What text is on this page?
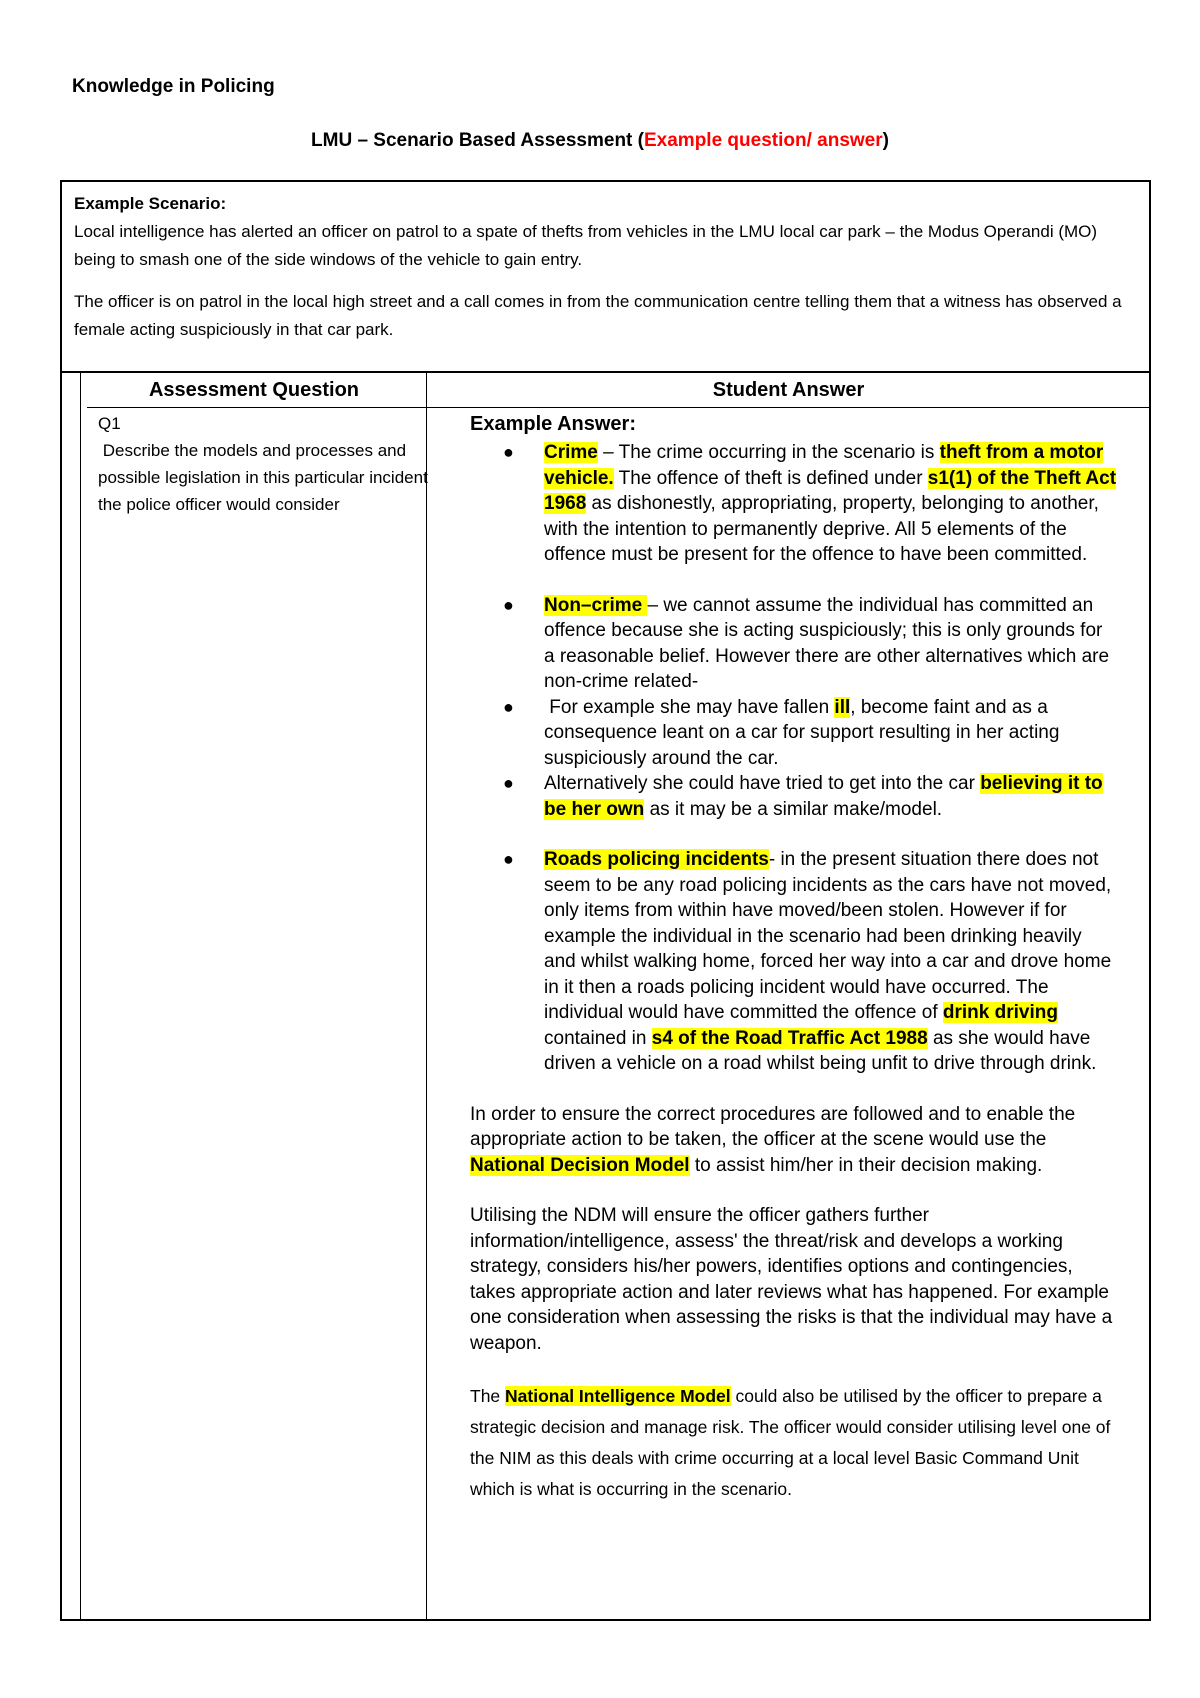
Knowledge in Policing
LMU – Scenario Based Assessment (Example question/ answer)

Example Scenario:

Local intelligence has alerted an officer on patrol to a spate of thefts from vehicles in the LMU local car park – the Modus Operandi (MO) being to smash one of the side windows of the vehicle to gain entry.

The officer is on patrol in the local high street and a call comes in from the communication centre telling them that a witness has observed a female acting suspiciously in that car park.

Assessment Question	Student Answer

Q1

Describe the models and processes and possible legislation in this particular incident the police officer would consider

Example Answer:

● Crime – The crime occurring in the scenario is theft from a motor vehicle. The offence of theft is defined under s1(1) of the Theft Act 1968 as dishonestly, appropriating, property, belonging to another, with the intention to permanently deprive. All 5 elements of the offence must be present for the offence to have been committed.
● Non–crime – we cannot assume the individual has committed an offence because she is acting suspiciously; this is only grounds for a reasonable belief. However there are other alternatives which are non-crime related-
● For example she may have fallen ill, become faint and as a consequence leant on a car for support resulting in her acting suspiciously around the car.
● Alternatively she could have tried to get into the car believing it to be her own as it may be a similar make/model.
● Roads policing incidents- in the present situation there does not seem to be any road policing incidents as the cars have not moved, only items from within have moved/been stolen. However if for example the individual in the scenario had been drinking heavily and whilst walking home, forced her way into a car and drove home in it then a roads policing incident would have occurred. The individual would have committed the offence of drink driving contained in s4 of the Road Traffic Act 1988 as she would have driven a vehicle on a road whilst being unfit to drive through drink.

In order to ensure the correct procedures are followed and to enable the appropriate action to be taken, the officer at the scene would use the National Decision Model to assist him/her in their decision making.

Utilising the NDM will ensure the officer gathers further information/intelligence, assess' the threat/risk and develops a working strategy, considers his/her powers, identifies options and contingencies, takes appropriate action and later reviews what has happened. For example one consideration when assessing the risks is that the individual may have a weapon.

The National Intelligence Model could also be utilised by the officer to prepare a strategic decision and manage risk. The officer would consider utilising level one of the NIM as this deals with crime occurring at a local level Basic Command Unit which is what is occurring in the scenario.
